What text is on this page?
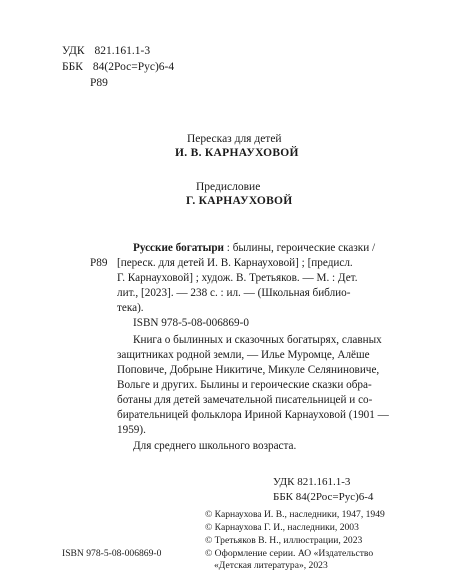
УДК 821.161.1-3
ББК 84(2Рос=Рус)6-4
Р89
Пересказ для детей
И. В. КАРНАУХОВОЙ
Предисловие
Г. КАРНАУХОВОЙ
Р89
Русские богатыри : былины, героические сказки /
[переск. для детей И. В. Карнауховой] ; [предисл.
Г. Карнауховой] ; худож. В. Третьяков. — М. : Дет.
лит., [2023]. — 238 с. : ил. — (Школьная библио-
тека).
ISBN 978-5-08-006869-0
Книга о былинных и сказочных богатырях, славных
защитниках родной земли, — Илье Муромце, Алёше
Поповиче, Добрыне Никитиче, Микуле Селяниновиче,
Вольге и других. Былины и героические сказки обра-
ботаны для детей замечательной писательницей и со-
бирательницей фольклора Ириной Карнауховой (1901 —
1959).
Для среднего школьного возраста.
УДК 821.161.1-3
ББК 84(2Рос=Рус)6-4
© Карнаухова И. В., наследники, 1947, 1949
© Карнаухова Г. И., наследники, 2003
© Третьяков В. Н., иллюстрации, 2023
© Оформление серии. АО «Издательство
«Детская литература», 2023
ISBN 978-5-08-006869-0
